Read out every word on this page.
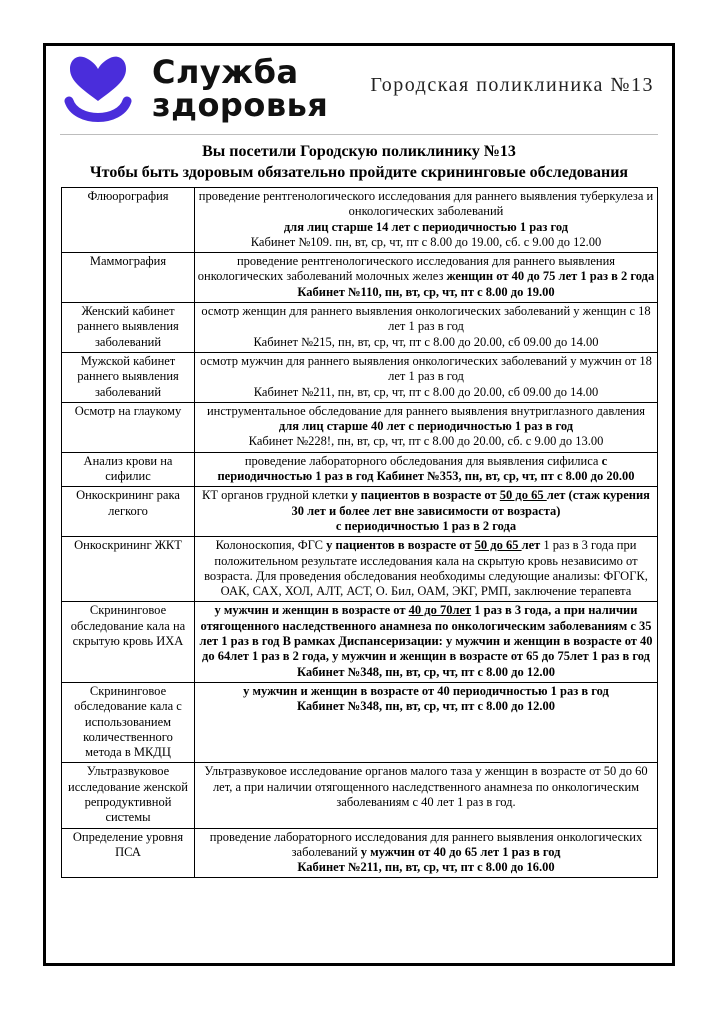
Служба
здоровья
Городская поликлиника №13
Вы посетили Городскую поликлинику №13
Чтобы быть здоровым обязательно пройдите скрининговые обследования
Флюорография	проведение рентгенологического исследования для раннего выявления туберкулеза и онкологических заболеваний
для лиц старше 14 лет с периодичностью 1 раз год
Кабинет №109. пн, вт, ср, чт, пт с 8.00 до 19.00, сб. с 9.00 до 12.00
Маммография	проведение рентгенологического исследования для раннего выявления онкологических заболеваний молочных желез женщин от 40 до 75 лет 1 раз в 2 года Кабинет №110, пн, вт, ср, чт, пт с 8.00 до 19.00
Женский кабинет раннего выявления заболеваний	осмотр женщин для раннего выявления онкологических заболеваний у женщин с 18 лет 1 раз в год
Кабинет №215, пн, вт, ср, чт, пт с 8.00 до 20.00, сб 09.00 до 14.00
Мужской кабинет раннего выявления заболеваний	осмотр мужчин для раннего выявления онкологических заболеваний у мужчин от 18 лет 1 раз в год
Кабинет №211, пн, вт, ср, чт, пт с 8.00 до 20.00, сб 09.00 до 14.00
Осмотр на глаукому	инструментальное обследование для раннего выявления внутриглазного давления для лиц старше 40 лет с периодичностью 1 раз в год
Кабинет №228!, пн, вт, ср, чт, пт с 8.00 до 20.00, сб. с 9.00 до 13.00
Анализ крови на сифилис	проведение лабораторного обследования для выявления сифилиса с периодичностью 1 раз в год Кабинет №353, пн, вт, ср, чт, пт с 8.00 до 20.00
Онкоскрининг рака легкого	КТ органов грудной клетки у пациентов в возрасте от 50 до 65 лет (стаж курения 30 лет и более лет вне зависимости от возраста)
с периодичностью 1 раз в 2 года
Онкоскрининг ЖКТ	Колоноскопия, ФГС у пациентов в возрасте от 50 до 65 лет 1 раз в 3 года при положительном результате исследования кала на скрытую кровь независимо от возраста. Для проведения обследования необходимы следующие анализы: ФГОГК, ОАК, САХ, ХОЛ, АЛТ, АСТ, О. Бил, ОАМ, ЭКГ, РМП, заключение терапевта
Скрининговое обследование кала на скрытую кровь ИХА	у мужчин и женщин в возрасте от 40 до 70лет 1 раз в 3 года, а при наличии отягощенного наследственного анамнеза по онкологическим заболеваниям с 35 лет 1 раз в год В рамках Диспансеризации: у мужчин и женщин в возрасте от 40 до 64лет 1 раз в 2 года, у мужчин и женщин в возрасте от 65 до 75лет 1 раз в год
Кабинет №348, пн, вт, ср, чт, пт с 8.00 до 12.00
Скрининговое обследование кала с использованием количественного метода в МКДЦ	у мужчин и женщин в возрасте от 40 периодичностью 1 раз в год
Кабинет №348, пн, вт, ср, чт, пт с 8.00 до 12.00
Ультразвуковое исследование женской репродуктивной системы	Ультразвуковое исследование органов малого таза у женщин в возрасте от 50 до 60 лет, а при наличии отягощенного наследственного анамнеза по онкологическим заболеваниям с 40 лет 1 раз в год.
Определение уровня ПСА	проведение лабораторного исследования для раннего выявления онкологических заболеваний у мужчин от 40 до 65 лет 1 раз в год
Кабинет №211, пн, вт, ср, чт, пт с 8.00 до 16.00
